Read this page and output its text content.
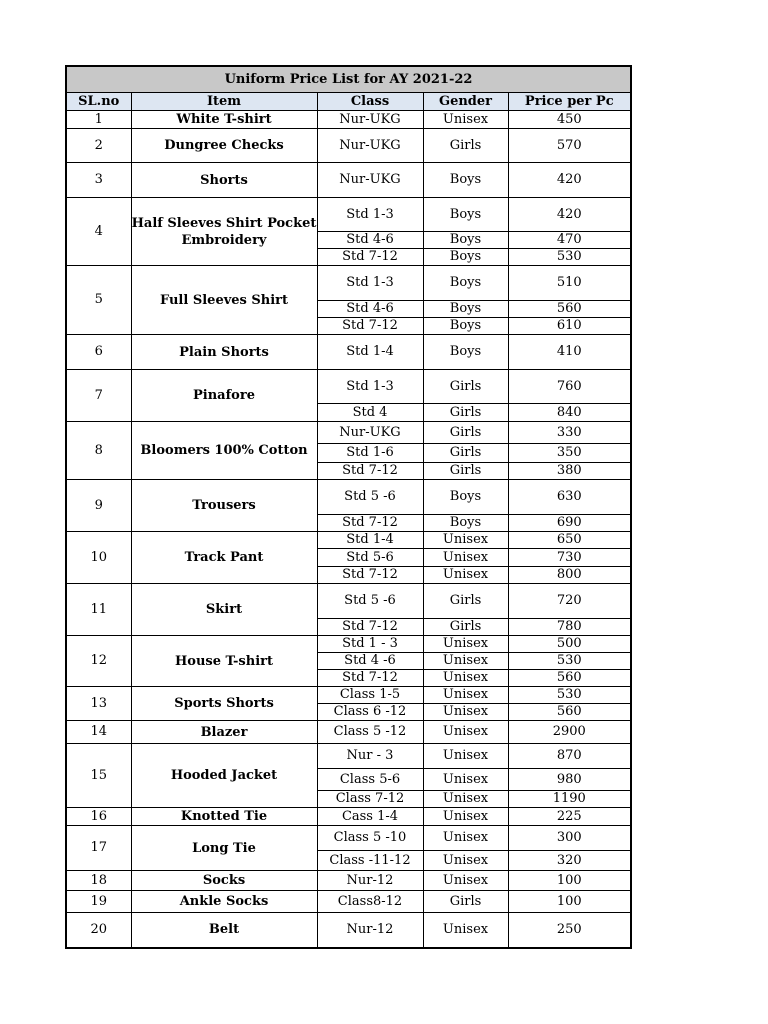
Uniform Price List for AY 2021-22				
SL.no	Item	Class	Gender	Price per Pc
1	White T-shirt	Nur-UKG	Unisex	450
2	Dungree Checks	Nur-UKG	Girls	570
3	Shorts	Nur-UKG	Boys	420
4	Half Sleeves Shirt Pocket Embroidery	Std 1-3	Boys	420
		Std 4-6	Boys	470
		Std 7-12	Boys	530
5	Full Sleeves Shirt	Std 1-3	Boys	510
		Std 4-6	Boys	560
		Std 7-12	Boys	610
6	Plain Shorts	Std 1-4	Boys	410
7	Pinafore	Std 1-3	Girls	760
		Std 4	Girls	840
8	Bloomers 100% Cotton	Nur-UKG	Girls	330
		Std 1-6	Girls	350
		Std 7-12	Girls	380
9	Trousers	Std 5 -6	Boys	630
		Std 7-12	Boys	690
10	Track Pant	Std 1-4	Unisex	650
		Std 5-6	Unisex	730
		Std 7-12	Unisex	800
11	Skirt	Std 5 -6	Girls	720
		Std 7-12	Girls	780
12	House T-shirt	Std 1 - 3	Unisex	500
		Std 4 -6	Unisex	530
		Std 7-12	Unisex	560
13	Sports Shorts	Class 1-5	Unisex	530
		Class 6 -12	Unisex	560
14	Blazer	Class 5 -12	Unisex	2900
15	Hooded Jacket	Nur - 3	Unisex	870
		Class 5-6	Unisex	980
		Class 7-12	Unisex	1190
16	Knotted Tie	Cass 1-4	Unisex	225
17	Long Tie	Class 5 -10	Unisex	300
		Class -11-12	Unisex	320
18	Socks	Nur-12	Unisex	100
19	Ankle Socks	Class8-12	Girls	100
20	Belt	Nur-12	Unisex	250
